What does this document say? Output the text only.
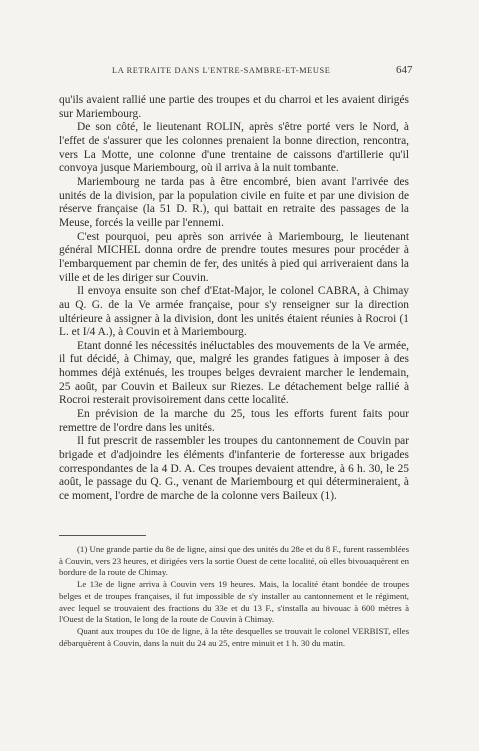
LA RETRAITE DANS L'ENTRE-SAMBRE-ET-MEUSE	647

qu'ils avaient rallié une partie des troupes et du charroi et les avaient dirigés sur Mariembourg.

De son côté, le lieutenant ROLIN, après s'être porté vers le Nord, à l'effet de s'assurer que les colonnes prenaient la bonne direction, rencontra, vers La Motte, une colonne d'une trentaine de caissons d'artillerie qu'il convoya jusque Mariembourg, où il arriva à la nuit tombante.

Mariembourg ne tarda pas à être encombré, bien avant l'arrivée des unités de la division, par la population civile en fuite et par une division de réserve française (la 51 D. R.), qui battait en retraite des passages de la Meuse, forcés la veille par l'ennemi.

C'est pourquoi, peu après son arrivée à Mariembourg, le lieutenant général MICHEL donna ordre de prendre toutes mesures pour procéder à l'embarquement par chemin de fer, des unités à pied qui arriveraient dans la ville et de les diriger sur Couvin.

Il envoya ensuite son chef d'Etat-Major, le colonel CABRA, à Chimay au Q. G. de la Ve armée française, pour s'y renseigner sur la direction ultérieure à assigner à la division, dont les unités étaient réunies à Rocroi (1 L. et I/4 A.), à Couvin et à Mariembourg.

Etant donné les nécessités inéluctables des mouvements de la Ve armée, il fut décidé, à Chimay, que, malgré les grandes fatigues à imposer à des hommes déjà exténués, les troupes belges devraient marcher le lendemain, 25 août, par Couvin et Baileux sur Riezes. Le détachement belge rallié à Rocroi resterait provisoirement dans cette localité.

En prévision de la marche du 25, tous les efforts furent faits pour remettre de l'ordre dans les unités.

Il fut prescrit de rassembler les troupes du cantonnement de Couvin par brigade et d'adjoindre les éléments d'infanterie de forteresse aux brigades correspondantes de la 4 D. A. Ces troupes devaient attendre, à 6 h. 30, le 25 août, le passage du Q. G., venant de Mariembourg et qui détermineraient, à ce moment, l'ordre de marche de la colonne vers Baileux (1).

(1) Une grande partie du 8e de ligne, ainsi que des unités du 28e et du 8 F., furent rassemblées à Couvin, vers 23 heures, et dirigées vers la sortie Ouest de cette localité, où elles bivouaquèrent en bordure de la route de Chimay.

Le 13e de ligne arriva à Couvin vers 19 heures. Mais, la localité étant bondée de troupes belges et de troupes françaises, il fut impossible de s'y installer au cantonnement et le régiment, avec lequel se trouvaient des fractions du 33e et du 13 F., s'installa au bivouac à 600 mètres à l'Ouest de la Station, le long de la route de Couvin à Chimay.

Quant aux troupes du 10e de ligne, à la tête desquelles se trouvait le colonel VERBIST, elles débarquèrent à Couvin, dans la nuit du 24 au 25, entre minuit et 1 h. 30 du matin.
